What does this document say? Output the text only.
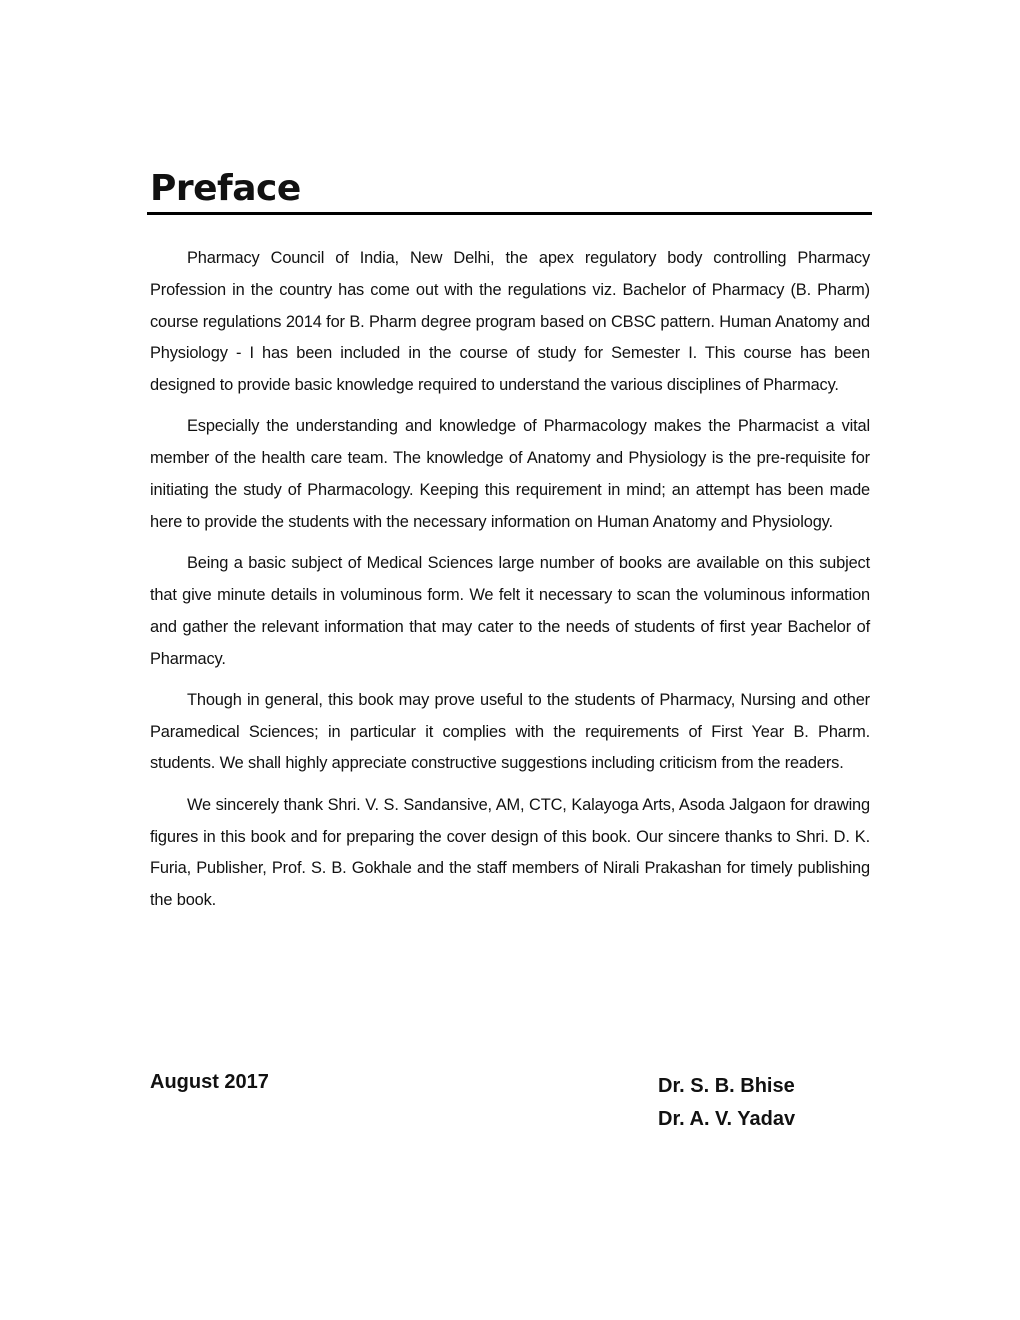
Preface

Pharmacy Council of India, New Delhi, the apex regulatory body controlling Pharmacy Profession in the country has come out with the regulations viz. Bachelor of Pharmacy (B. Pharm) course regulations 2014 for B. Pharm degree program based on CBSC pattern. Human Anatomy and Physiology - I has been included in the course of study for Semester I. This course has been designed to provide basic knowledge required to understand the various disciplines of Pharmacy.

Especially the understanding and knowledge of Pharmacology makes the Pharmacist a vital member of the health care team. The knowledge of Anatomy and Physiology is the pre-requisite for initiating the study of Pharmacology. Keeping this requirement in mind; an attempt has been made here to provide the students with the necessary information on Human Anatomy and Physiology.

Being a basic subject of Medical Sciences large number of books are available on this subject that give minute details in voluminous form. We felt it necessary to scan the voluminous information and gather the relevant information that may cater to the needs of students of first year Bachelor of Pharmacy.

Though in general, this book may prove useful to the students of Pharmacy, Nursing and other Paramedical Sciences; in particular it complies with the requirements of First Year B. Pharm. students. We shall highly appreciate constructive suggestions including criticism from the readers.

We sincerely thank Shri. V. S. Sandansive, AM, CTC, Kalayoga Arts, Asoda Jalgaon for drawing figures in this book and for preparing the cover design of this book. Our sincere thanks to Shri. D. K. Furia, Publisher, Prof. S. B. Gokhale and the staff members of Nirali Prakashan for timely publishing the book.

August 2017	Dr. S. B. Bhise
Dr. A. V. Yadav
